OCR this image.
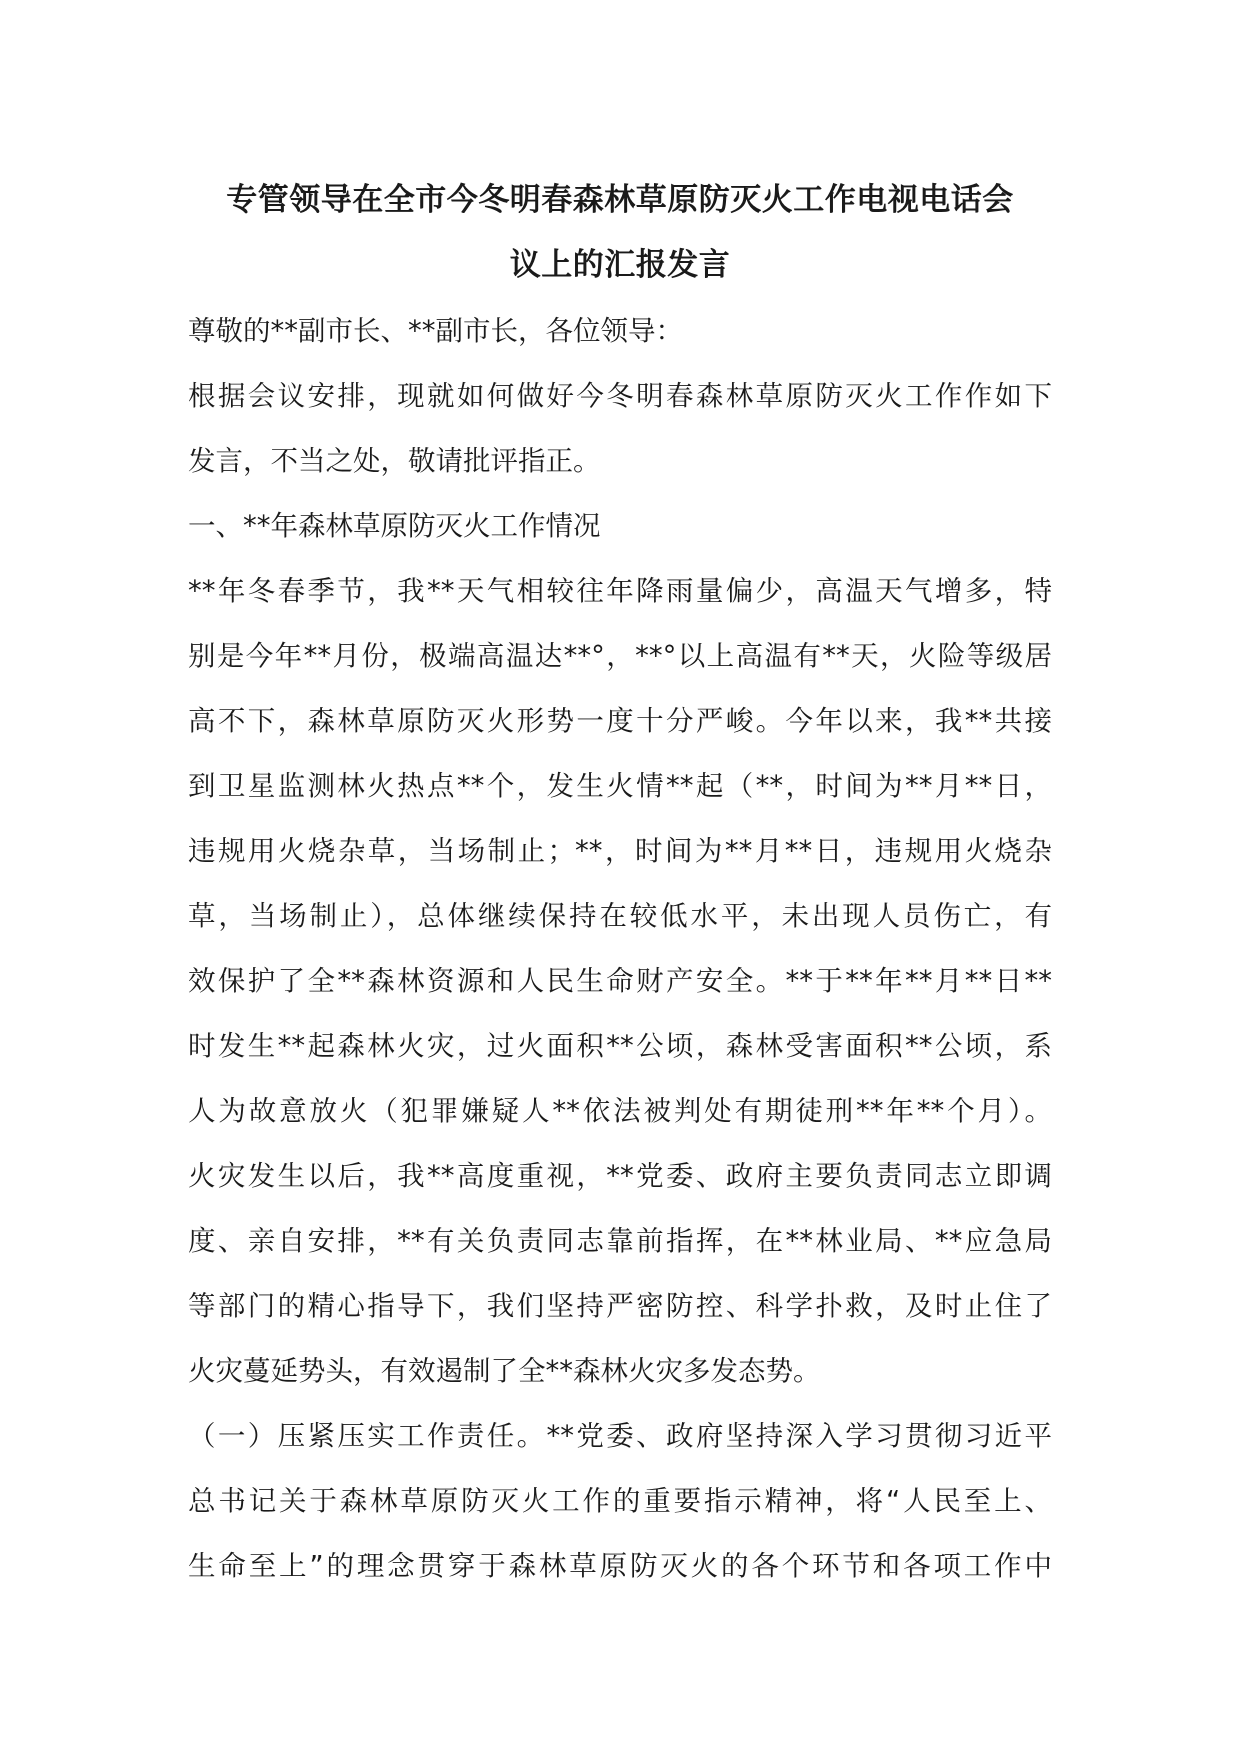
专管领导在全市今冬明春森林草原防灭火工作电视电话会
议上的汇报发言
尊敬的**副市长、**副市长，各位领导：
根据会议安排，现就如何做好今冬明春森林草原防灭火工作作如下
发言，不当之处，敬请批评指正。
一、**年森林草原防灭火工作情况
**年冬春季节，我**天气相较往年降雨量偏少，高温天气增多，特
别是今年**月份，极端高温达**°，**°以上高温有**天，火险等级居
高不下，森林草原防灭火形势一度十分严峻。今年以来，我**共接
到卫星监测林火热点**个，发生火情**起（**，时间为**月**日，
违规用火烧杂草，当场制止；**，时间为**月**日，违规用火烧杂
草，当场制止），总体继续保持在较低水平，未出现人员伤亡，有
效保护了全**森林资源和人民生命财产安全。**于**年**月**日**
时发生**起森林火灾，过火面积**公顷，森林受害面积**公顷，系
人为故意放火（犯罪嫌疑人**依法被判处有期徒刑**年**个月）。
火灾发生以后，我**高度重视，**党委、政府主要负责同志立即调
度、亲自安排，**有关负责同志靠前指挥，在**林业局、**应急局
等部门的精心指导下，我们坚持严密防控、科学扑救，及时止住了
火灾蔓延势头，有效遏制了全**森林火灾多发态势。
（一）压紧压实工作责任。**党委、政府坚持深入学习贯彻习近平
总书记关于森林草原防灭火工作的重要指示精神，将“人民至上、
生命至上”的理念贯穿于森林草原防灭火的各个环节和各项工作中
